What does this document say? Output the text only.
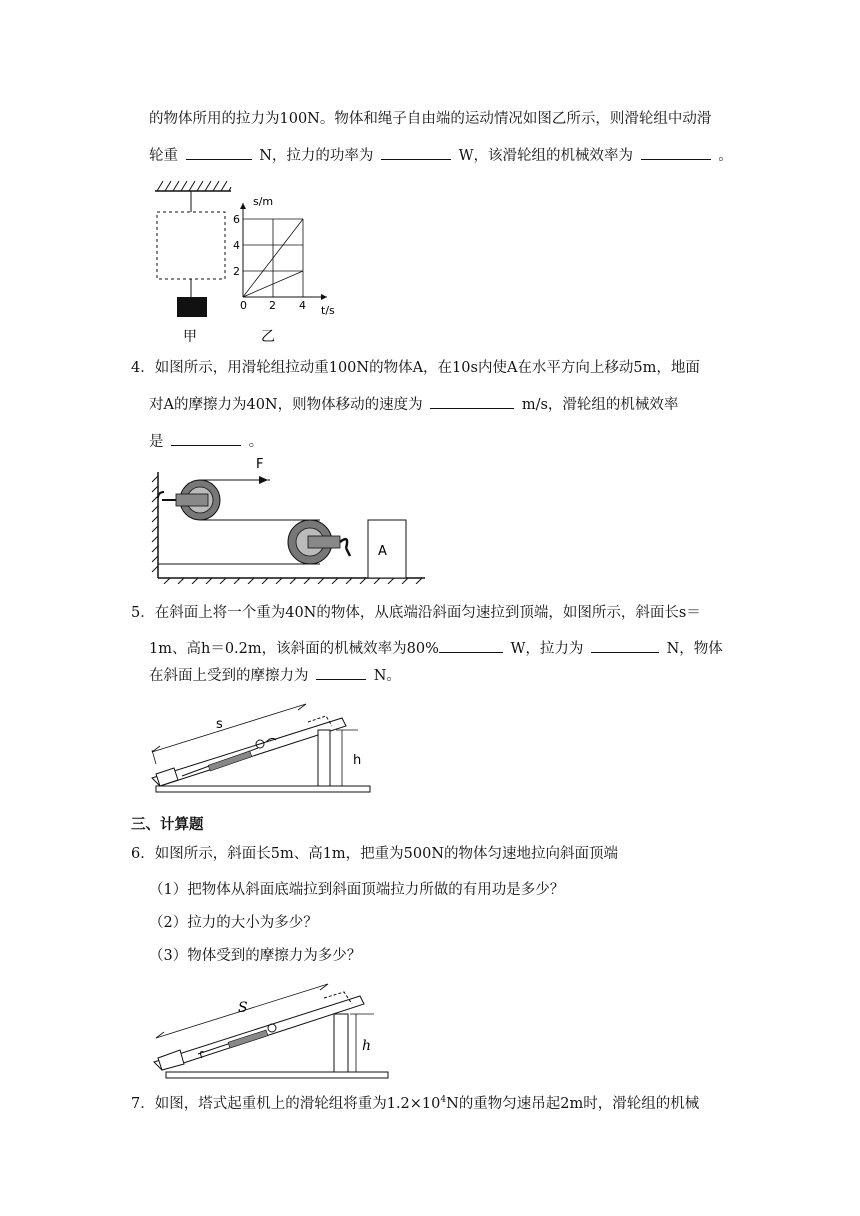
的物体所用的拉力为100N。物体和绳子自由端的运动情况如图乙所示，则滑轮组中动滑
轮重	N，拉力的功率为	W，该滑轮组的机械效率为	。
甲
s/m
6
4
2
0 2 4 t/s
乙
4．如图所示，用滑轮组拉动重100N的物体A，在10s内使A在水平方向上移动5m，地面
对A的摩擦力为40N，则物体移动的速度为	m/s，滑轮组的机械效率
是	。
F
A
5．在斜面上将一个重为40N的物体，从底端沿斜面匀速拉到顶端，如图所示，斜面长s＝
1m、高h＝0.2m，该斜面的机械效率为80%	W，拉力为	N，物体
在斜面上受到的摩擦力为	N。
s
h
三、计算题
6．如图所示，斜面长5m、高1m，把重为500N的物体匀速地拉向斜面顶端
（1）把物体从斜面底端拉到斜面顶端拉力所做的有用功是多少？
（2）拉力的大小为多少？
（3）物体受到的摩擦力为多少？
S
h
7．如图，塔式起重机上的滑轮组将重为$1.2\times 10^4N$的重物匀速吊起2m时，滑轮组的机械
